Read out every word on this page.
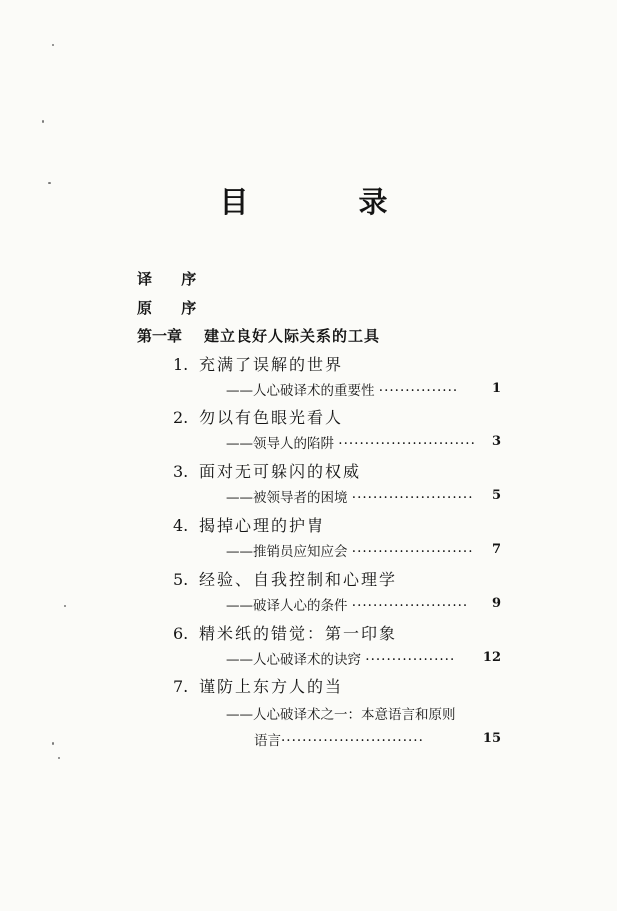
目 录
译 序
原 序
第一章 建立良好人际关系的工具
1. 充满了误解的世界
——人心破译术的重要性 ···············	1
2. 勿以有色眼光看人
——领导人的陷阱 ·························· 3
3. 面对无可躲闪的权威
——被领导者的困境 ······················· 5
4. 揭掉心理的护胄
——推销员应知应会 ······················· 7
5. 经验、自我控制和心理学
——破译人心的条件 ······················ 9
6. 精米纸的错觉：第一印象
——人心破译术的诀窍 ················· 12
7. 谨防上东方人的当
——人心破译术之一：本意语言和原则
语言···························	15
